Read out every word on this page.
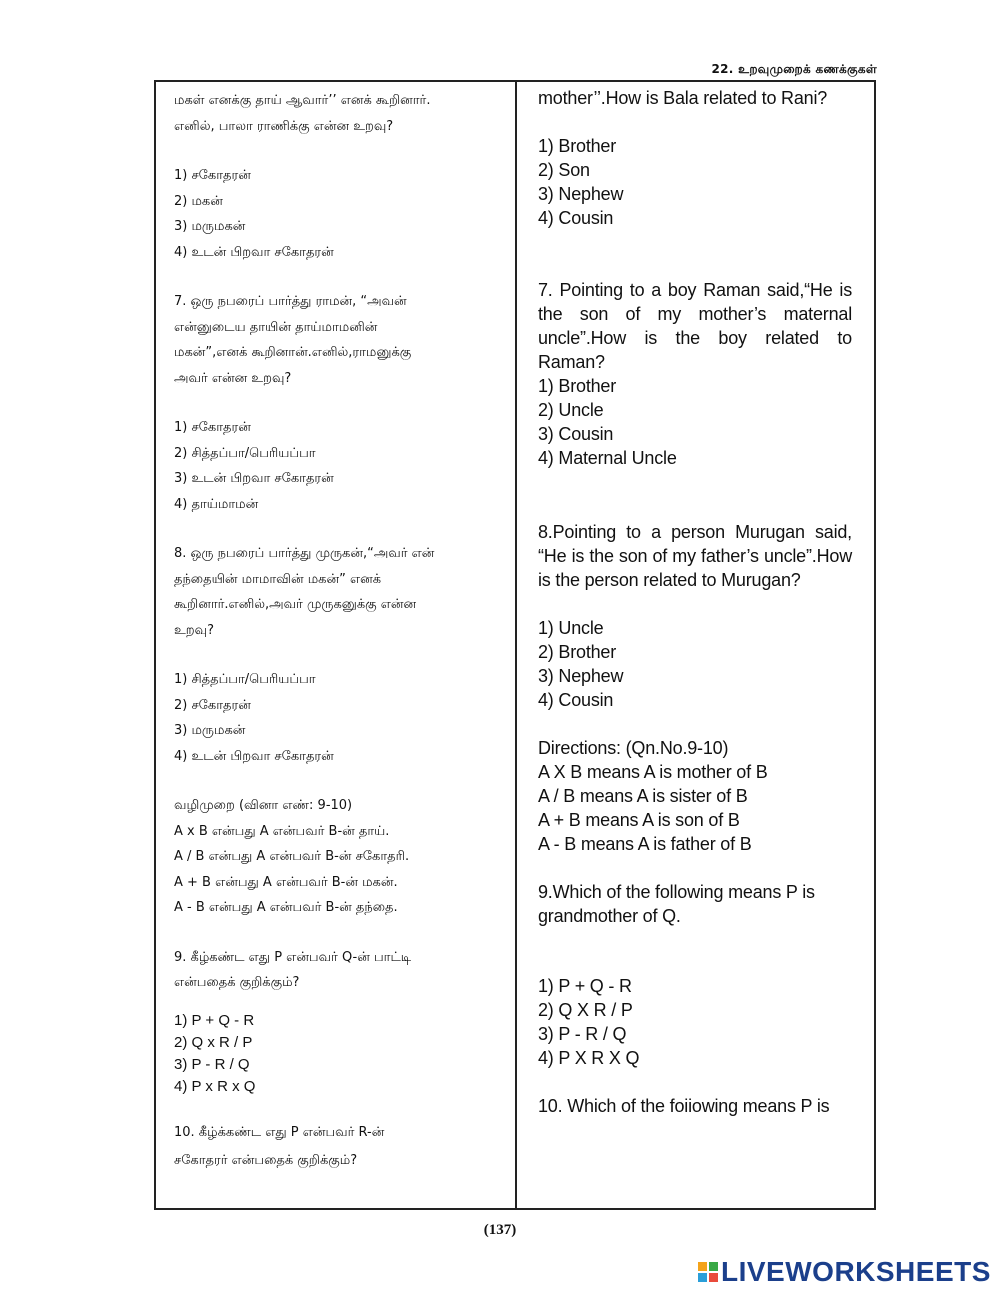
22. உறவுமுறைக் கணக்குகள்
மகள் எனக்கு தாய் ஆவார்’’ எனக் கூறினார்.
எனில், பாலா ராணிக்கு என்ன உறவு?
1) சகோதரன்
2) மகன்
3) மருமகன்
4) உடன் பிறவா சகோதரன்
7. ஒரு நபரைப் பார்த்து ராமன், “அவன்
என்னுடைய தாயின் தாய்மாமனின்
மகன்”,எனக் கூறினான்.எனில்,ராமனுக்கு
அவர் என்ன உறவு?
1) சகோதரன்
2) சித்தப்பா/பெரியப்பா
3) உடன் பிறவா சகோதரன்
4) தாய்மாமன்
8. ஒரு நபரைப் பார்த்து முருகன்,“அவர் என்
தந்தையின் மாமாவின் மகன்” எனக்
கூறினார்.எனில்,அவர் முருகனுக்கு என்ன
உறவு?
1) சித்தப்பா/பெரியப்பா
2) சகோதரன்
3) மருமகன்
4) உடன் பிறவா சகோதரன்
வழிமுறை (வினா எண்: 9-10)
A x B என்பது A என்பவர் B-ன் தாய்.
A / B என்பது A என்பவர் B-ன் சகோதரி.
A + B என்பது A என்பவர் B-ன் மகன்.
A - B என்பது A என்பவர் B-ன் தந்தை.
9. கீழ்கண்ட எது P என்பவர் Q-ன் பாட்டி
என்பதைக் குறிக்கும்?
1) P + Q - R
2) Q x R / P
3) P - R / Q
4) P x R x Q
10. கீழ்க்கண்ட எது P என்பவர் R-ன்
சகோதரர் என்பதைக் குறிக்கும்?
mother’’.How is Bala related to Rani?
1) Brother
2) Son
3) Nephew
4) Cousin
7. Pointing to a boy Raman said,“He is the son of my mother’s maternal uncle”.How is the boy related to Raman?
1) Brother
2) Uncle
3) Cousin
4) Maternal Uncle
8.Pointing to a person Murugan said, “He is the son of my father’s uncle”.How is the person related to Murugan?
1) Uncle
2) Brother
3) Nephew
4) Cousin
Directions: (Qn.No.9-10)
A X B means A is mother of B
A / B means A is sister of B
A + B means A is son of B
A - B means A is father of B
9.Which of the following means P is grandmother of Q.
1) P + Q - R
2) Q X R / P
3) P - R / Q
4) P X R X Q
10. Which of the foiiowing means P is
(137)
LIVEWORKSHEETS
